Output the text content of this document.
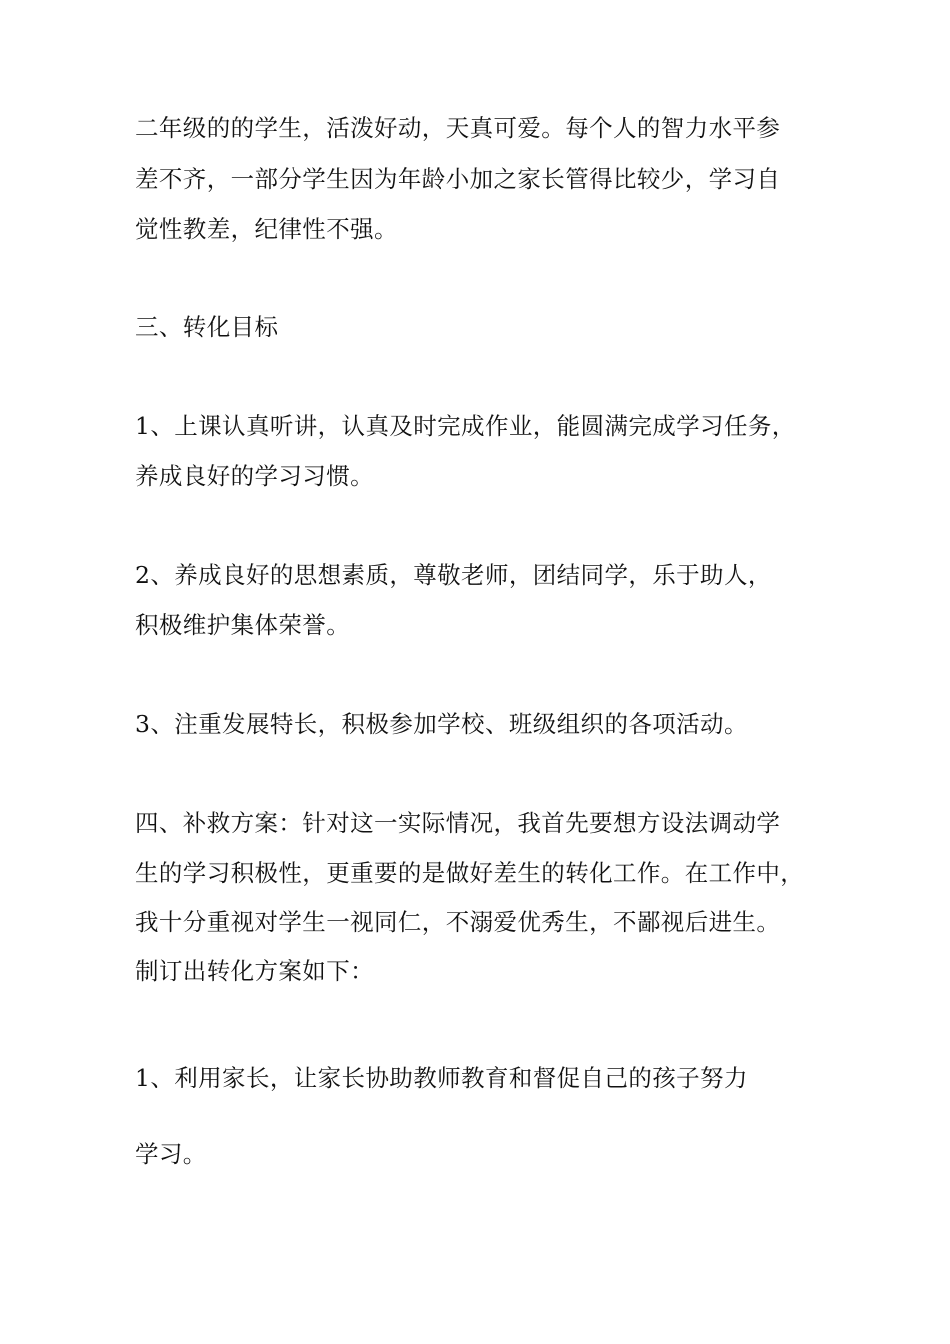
二年级的的学生，活泼好动，天真可爱。每个人的智力水平参
差不齐，一部分学生因为年龄小加之家长管得比较少，学习自
觉性教差，纪律性不强。
三、转化目标
1、上课认真听讲，认真及时完成作业，能圆满完成学习任务，
养成良好的学习习惯。
2、养成良好的思想素质，尊敬老师，团结同学，乐于助人，
积极维护集体荣誉。
3、注重发展特长，积极参加学校、班级组织的各项活动。
四、补救方案：针对这一实际情况，我首先要想方设法调动学
生的学习积极性，更重要的是做好差生的转化工作。在工作中，
我十分重视对学生一视同仁，不溺爱优秀生，不鄙视后进生。
制订出转化方案如下：
1、利用家长，让家长协助教师教育和督促自己的孩子努力
学习。
